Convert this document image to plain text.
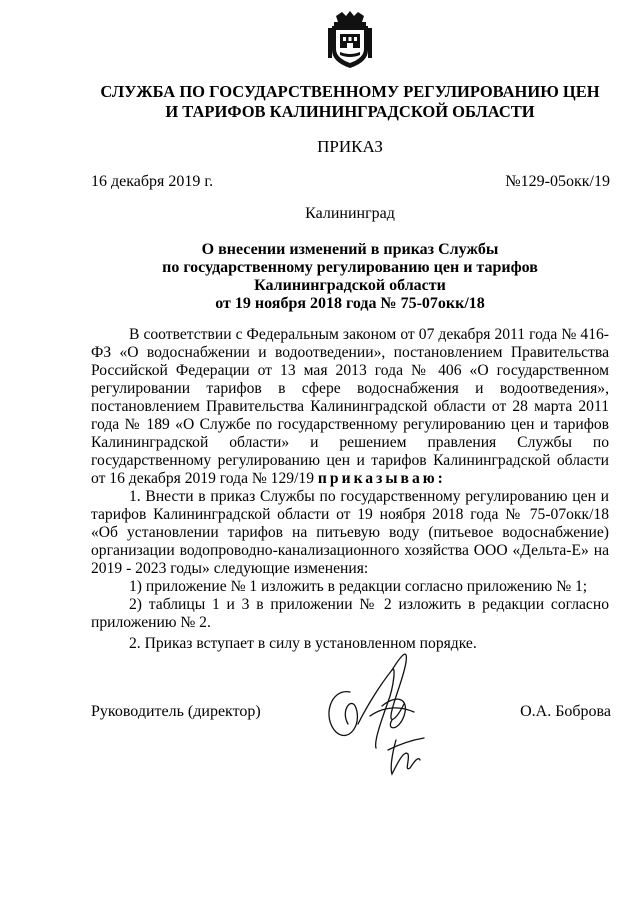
СЛУЖБА ПО ГОСУДАРСТВЕННОМУ РЕГУЛИРОВАНИЮ ЦЕН
И ТАРИФОВ КАЛИНИНГРАДСКОЙ ОБЛАСТИ
ПРИКАЗ
16 декабря 2019 г.	№129-05окк/19
Калининград
О внесении изменений в приказ Службы
по государственному регулированию цен и тарифов
Калининградской области
от 19 ноября 2018 года № 75-07окк/18

В соответствии с Федеральным законом от 07 декабря 2011 года № 416-ФЗ «О водоснабжении и водоотведении», постановлением Правительства Российской Федерации от 13 мая 2013 года № 406 «О государственном регулировании тарифов в сфере водоснабжения и водоотведения», постановлением Правительства Калининградской области от 28 марта 2011 года № 189 «О Службе по государственному регулированию цен и тарифов Калининградской области» и решением правления Службы по государственному регулированию цен и тарифов Калининградской области от 16 декабря 2019 года № 129/19 приказываю:

1. Внести в приказ Службы по государственному регулированию цен и тарифов Калининградской области от 19 ноября 2018 года № 75-07окк/18 «Об установлении тарифов на питьевую воду (питьевое водоснабжение) организации водопроводно-канализационного хозяйства ООО «Дельта-Е» на 2019 - 2023 годы» следующие изменения:

1) приложение № 1 изложить в редакции согласно приложению № 1;

2) таблицы 1 и 3 в приложении № 2 изложить в редакции согласно приложению № 2.

2. Приказ вступает в силу в установленном порядке.

Руководитель (директор)	О.А. Боброва
